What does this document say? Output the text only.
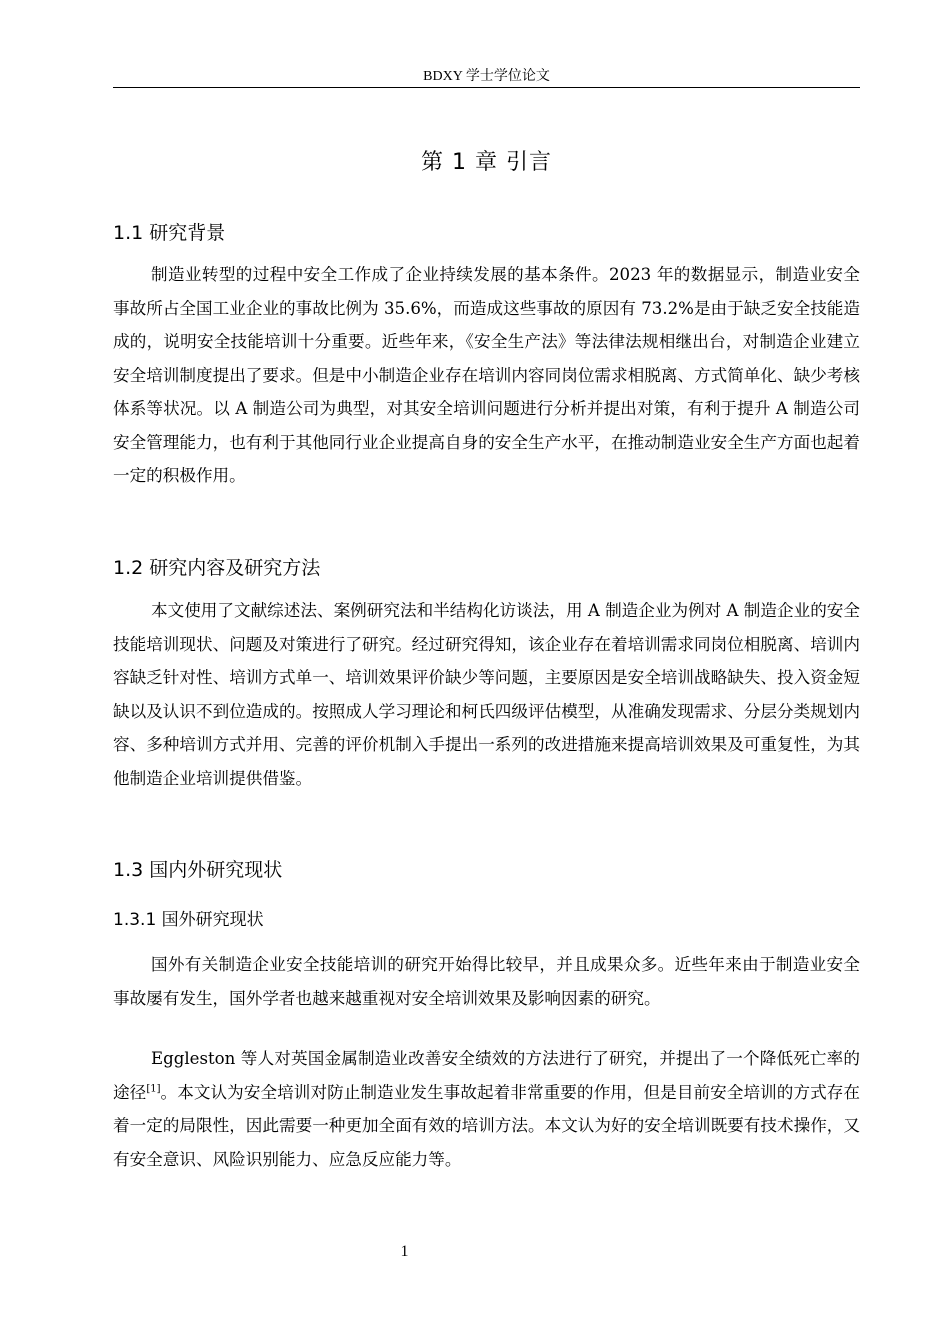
BDXY 学士学位论文
第 1 章 引言
1.1 研究背景
制造业转型的过程中安全工作成了企业持续发展的基本条件。2023 年的数据显示，制造业安全事故所占全国工业企业的事故比例为 35.6%，而造成这些事故的原因有 73.2%是由于缺乏安全技能造成的，说明安全技能培训十分重要。近些年来，《安全生产法》等法律法规相继出台，对制造企业建立安全培训制度提出了要求。但是中小制造企业存在培训内容同岗位需求相脱离、方式简单化、缺少考核体系等状况。以 A 制造公司为典型，对其安全培训问题进行分析并提出对策，有利于提升 A 制造公司安全管理能力，也有利于其他同行业企业提高自身的安全生产水平，在推动制造业安全生产方面也起着一定的积极作用。
1.2 研究内容及研究方法
本文使用了文献综述法、案例研究法和半结构化访谈法，用 A 制造企业为例对 A 制造企业的安全技能培训现状、问题及对策进行了研究。经过研究得知，该企业存在着培训需求同岗位相脱离、培训内容缺乏针对性、培训方式单一、培训效果评价缺少等问题，主要原因是安全培训战略缺失、投入资金短缺以及认识不到位造成的。按照成人学习理论和柯氏四级评估模型，从准确发现需求、分层分类规划内容、多种培训方式并用、完善的评价机制入手提出一系列的改进措施来提高培训效果及可重复性，为其他制造企业培训提供借鉴。
1.3 国内外研究现状
1.3.1 国外研究现状
国外有关制造企业安全技能培训的研究开始得比较早，并且成果众多。近些年来由于制造业安全事故屡有发生，国外学者也越来越重视对安全培训效果及影响因素的研究。
Eggleston 等人对英国金属制造业改善安全绩效的方法进行了研究，并提出了一个降低死亡率的途径[1]。本文认为安全培训对防止制造业发生事故起着非常重要的作用，但是目前安全培训的方式存在着一定的局限性，因此需要一种更加全面有效的培训方法。本文认为好的安全培训既要有技术操作，又有安全意识、风险识别能力、应急反应能力等。
1
